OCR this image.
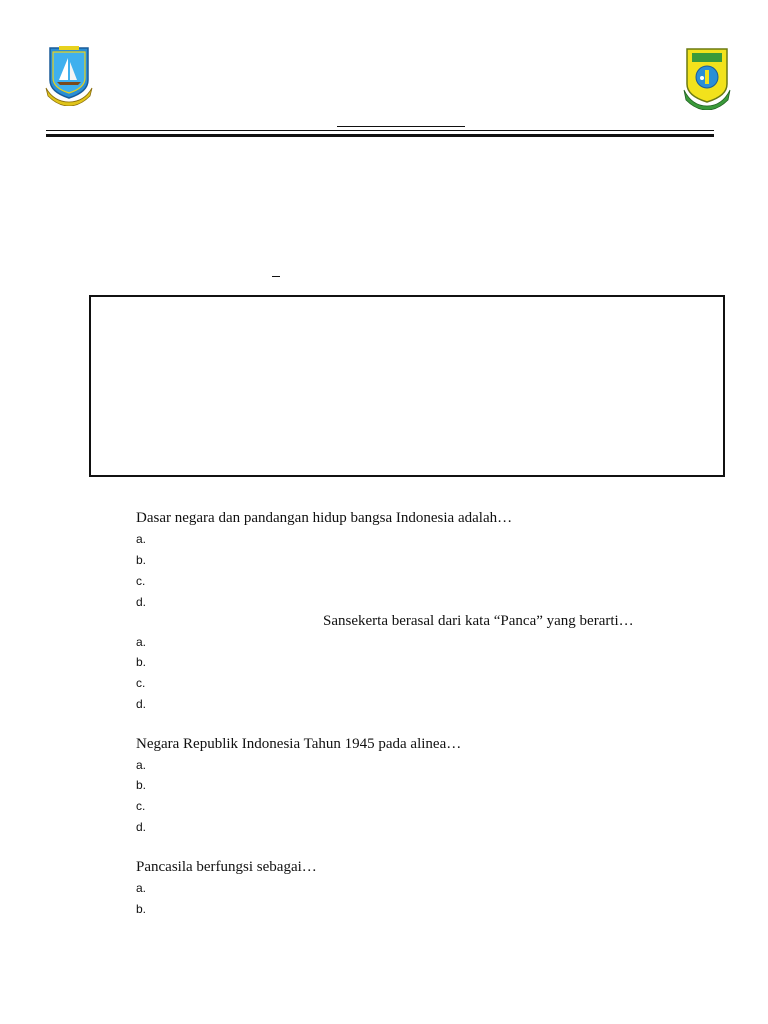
Dasar negara dan pandangan hidup bangsa Indonesia adalah…
a.
b.
c.
d.
Sansekerta berasal dari kata “Panca” yang berarti…
a.
b.
c.
d.
Negara Republik Indonesia Tahun 1945 pada alinea…
a.
b.
c.
d.
Pancasila berfungsi sebagai…
a.
b.
